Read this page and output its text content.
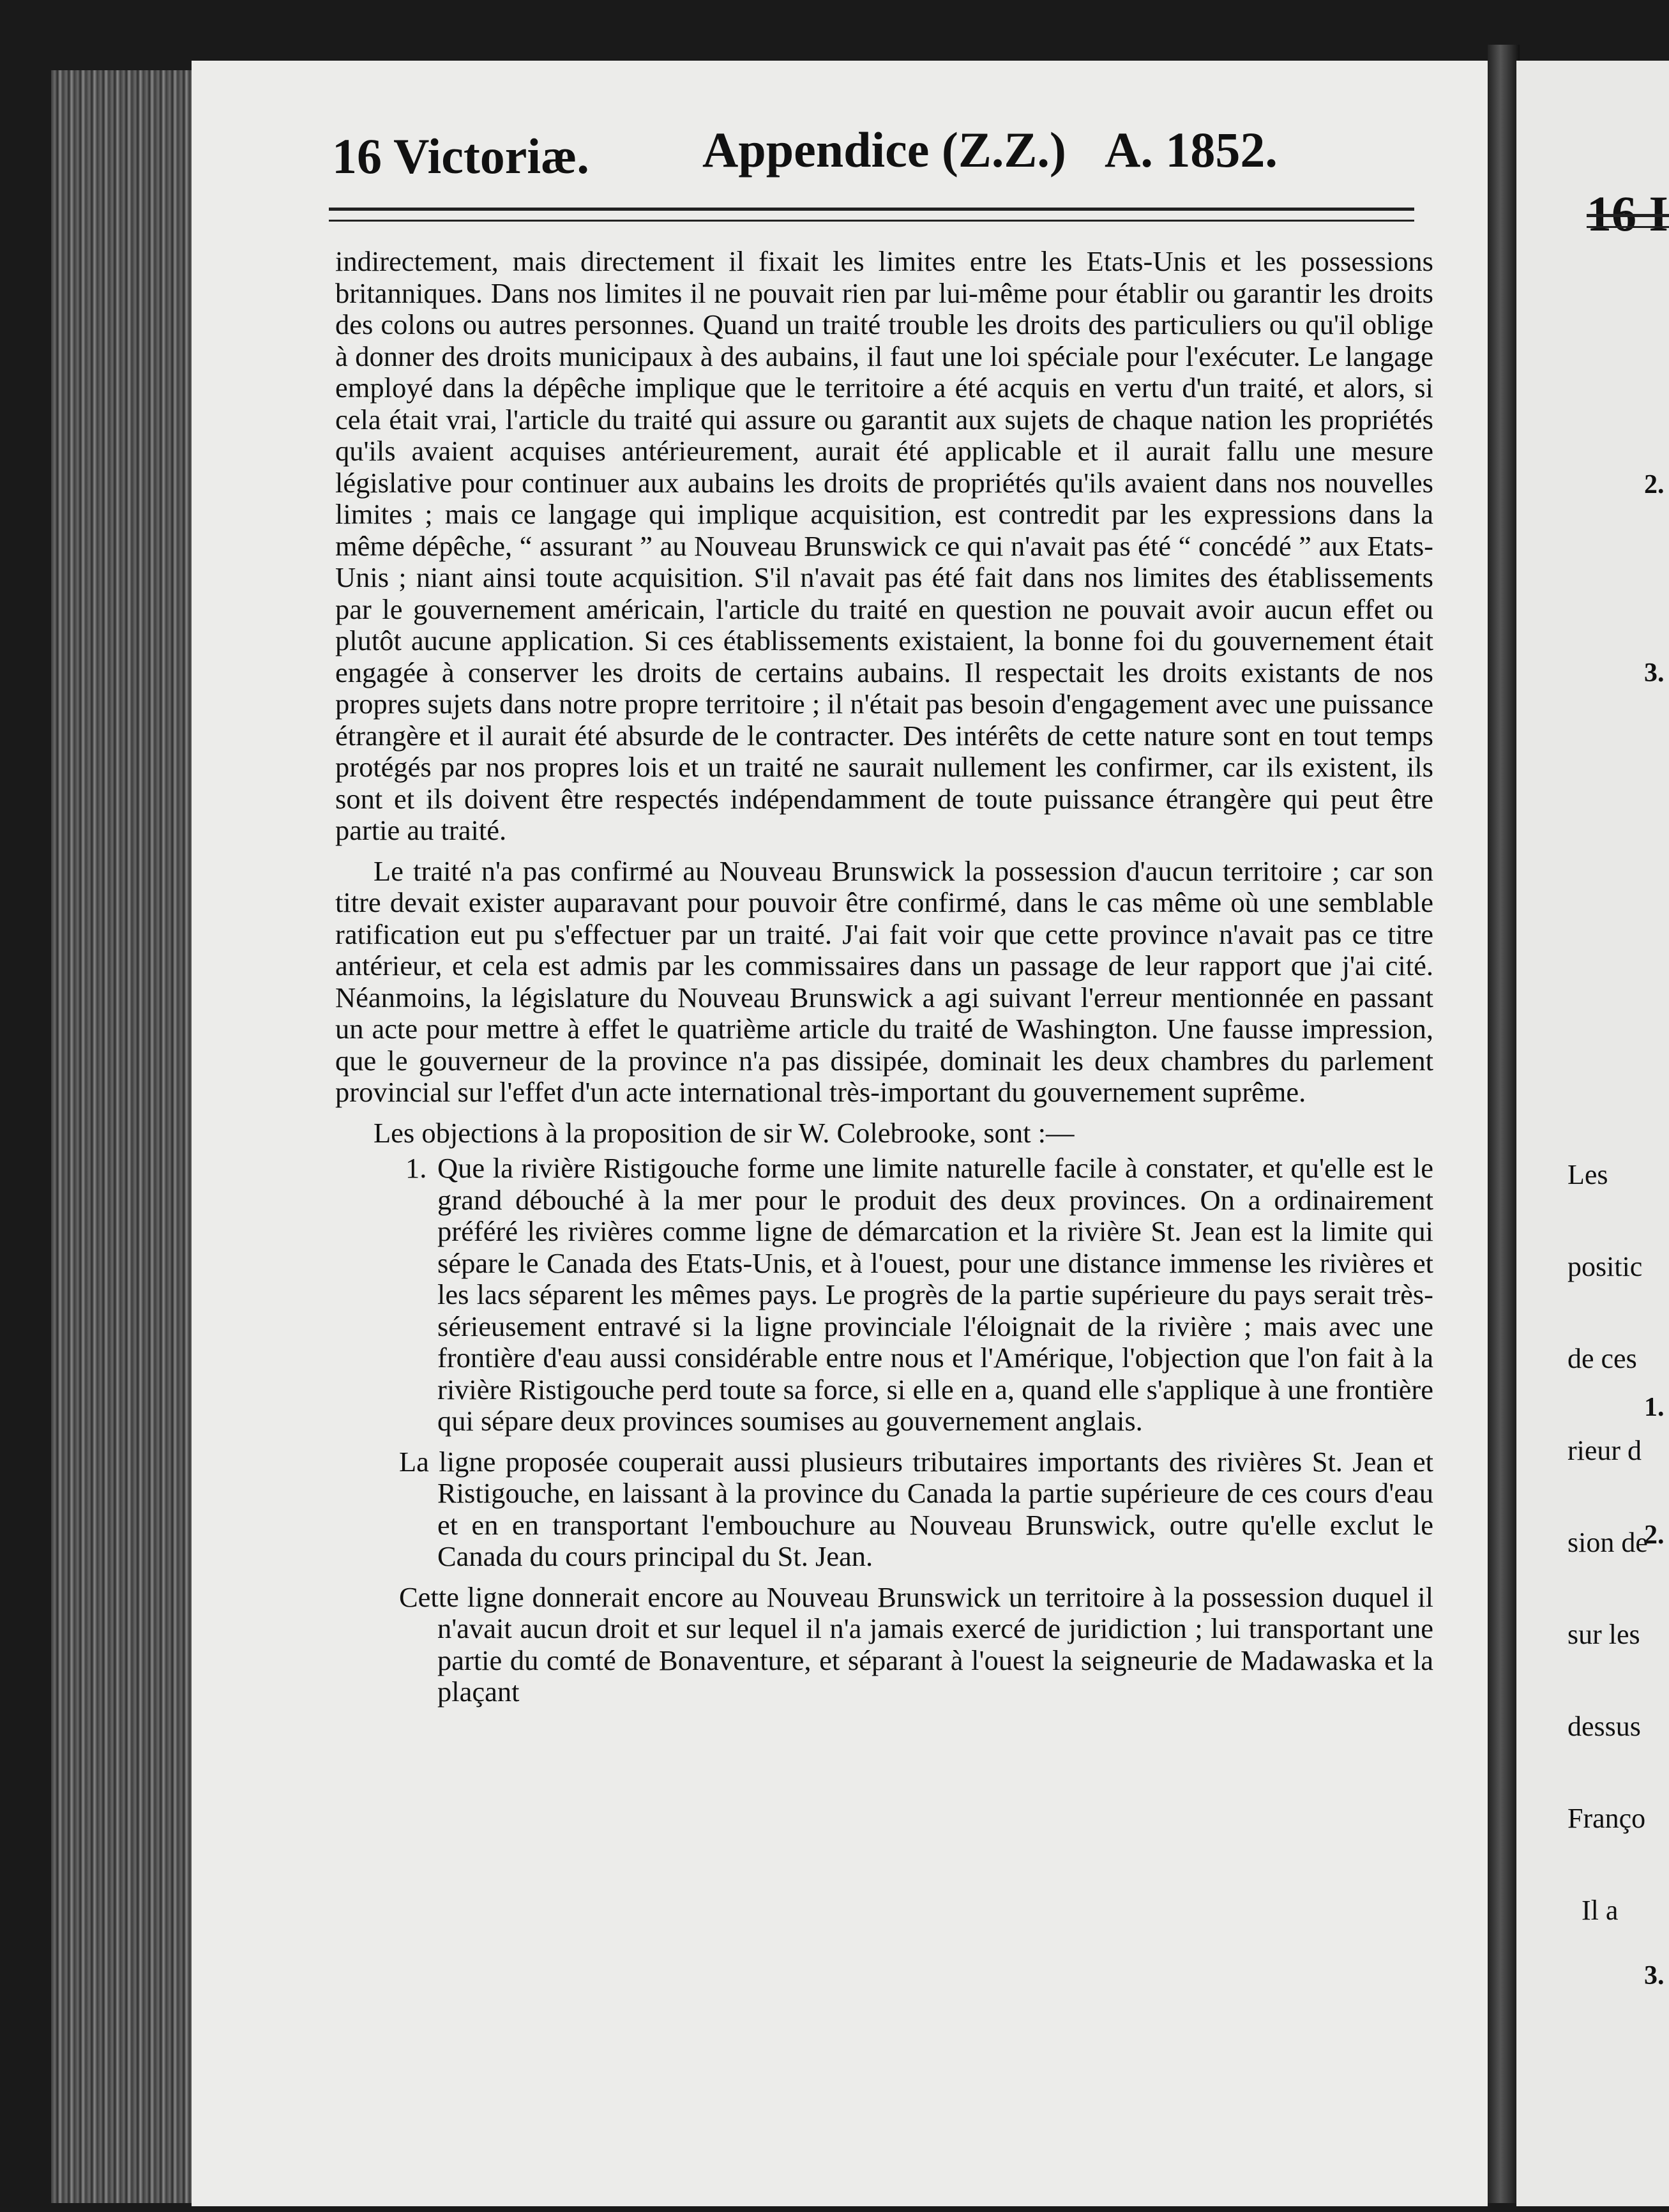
16 Victoriæ. Appendice (Z.Z.) A. 1852.

indirectement, mais directement il fixait les limites entre les Etats-Unis et les possessions britanniques. Dans nos limites il ne pouvait rien par lui-même pour établir ou garantir les droits des colons ou autres personnes. Quand un traité trouble les droits des particuliers ou qu'il oblige à donner des droits municipaux à des aubains, il faut une loi spéciale pour l'exécuter. Le langage employé dans la dépêche implique que le territoire a été acquis en vertu d'un traité, et alors, si cela était vrai, l'article du traité qui assure ou garantit aux sujets de chaque nation les propriétés qu'ils avaient acquises antérieurement, aurait été applicable et il aurait fallu une mesure législative pour continuer aux aubains les droits de propriétés qu'ils avaient dans nos nouvelles limites ; mais ce langage qui implique acquisition, est contredit par les expressions dans la même dépêche, “ assurant ” au Nouveau Brunswick ce qui n'avait pas été “ concédé ” aux Etats-Unis ; niant ainsi toute acquisition. S'il n'avait pas été fait dans nos limites des établissements par le gouvernement américain, l'article du traité en question ne pouvait avoir aucun effet ou plutôt aucune application. Si ces établissements existaient, la bonne foi du gouvernement était engagée à conserver les droits de certains aubains. Il respectait les droits existants de nos propres sujets dans notre propre territoire ; il n'était pas besoin d'engagement avec une puissance étrangère et il aurait été absurde de le contracter. Des intérêts de cette nature sont en tout temps protégés par nos propres lois et un traité ne saurait nullement les confirmer, car ils existent, ils sont et ils doivent être respectés indépendamment de toute puissance étrangère qui peut être partie au traité.

Le traité n'a pas confirmé au Nouveau Brunswick la possession d'aucun territoire ; car son titre devait exister auparavant pour pouvoir être confirmé, dans le cas même où une semblable ratification eut pu s'effectuer par un traité. J'ai fait voir que cette province n'avait pas ce titre antérieur, et cela est admis par les commissaires dans un passage de leur rapport que j'ai cité. Néanmoins, la législature du Nouveau Brunswick a agi suivant l'erreur mentionnée en passant un acte pour mettre à effet le quatrième article du traité de Washington. Une fausse impression, que le gouverneur de la province n'a pas dissipée, dominait les deux chambres du parlement provincial sur l'effet d'un acte international très-important du gouvernement suprême.

Les objections à la proposition de sir W. Colebrooke, sont :—

1. Que la rivière Ristigouche forme une limite naturelle facile à constater, et qu'elle est le grand débouché à la mer pour le produit des deux provinces. On a ordinairement préféré les rivières comme ligne de démarcation et la rivière St. Jean est la limite qui sépare le Canada des Etats-Unis, et à l'ouest, pour une distance immense les rivières et les lacs séparent les mêmes pays. Le progrès de la partie supérieure du pays serait très-sérieusement entravé si la ligne provinciale l'éloignait de la rivière ; mais avec une frontière d'eau aussi considérable entre nous et l'Amérique, l'objection que l'on fait à la rivière Ristigouche perd toute sa force, si elle en a, quand elle s'applique à une frontière qui sépare deux provinces soumises au gouvernement anglais.

La ligne proposée couperait aussi plusieurs tributaires importants des rivières St. Jean et Ristigouche, en laissant à la province du Canada la partie supérieure de ces cours d'eau et en en transportant l'embouchure au Nouveau Brunswick, outre qu'elle exclut le Canada du cours principal du St. Jean.

Cette ligne donnerait encore au Nouveau Brunswick un territoire à la possession duquel il n'avait aucun droit et sur lequel il n'a jamais exercé de juridiction ; lui transportant une partie du comté de Bonaventure, et séparant à l'ouest la seigneurie de Madawaska et la plaçant

16 I
2.
3.

Les

positic

de ces

rieur d

sion de

sur les

dessus

Franço

Il a

1.
2.
3.
